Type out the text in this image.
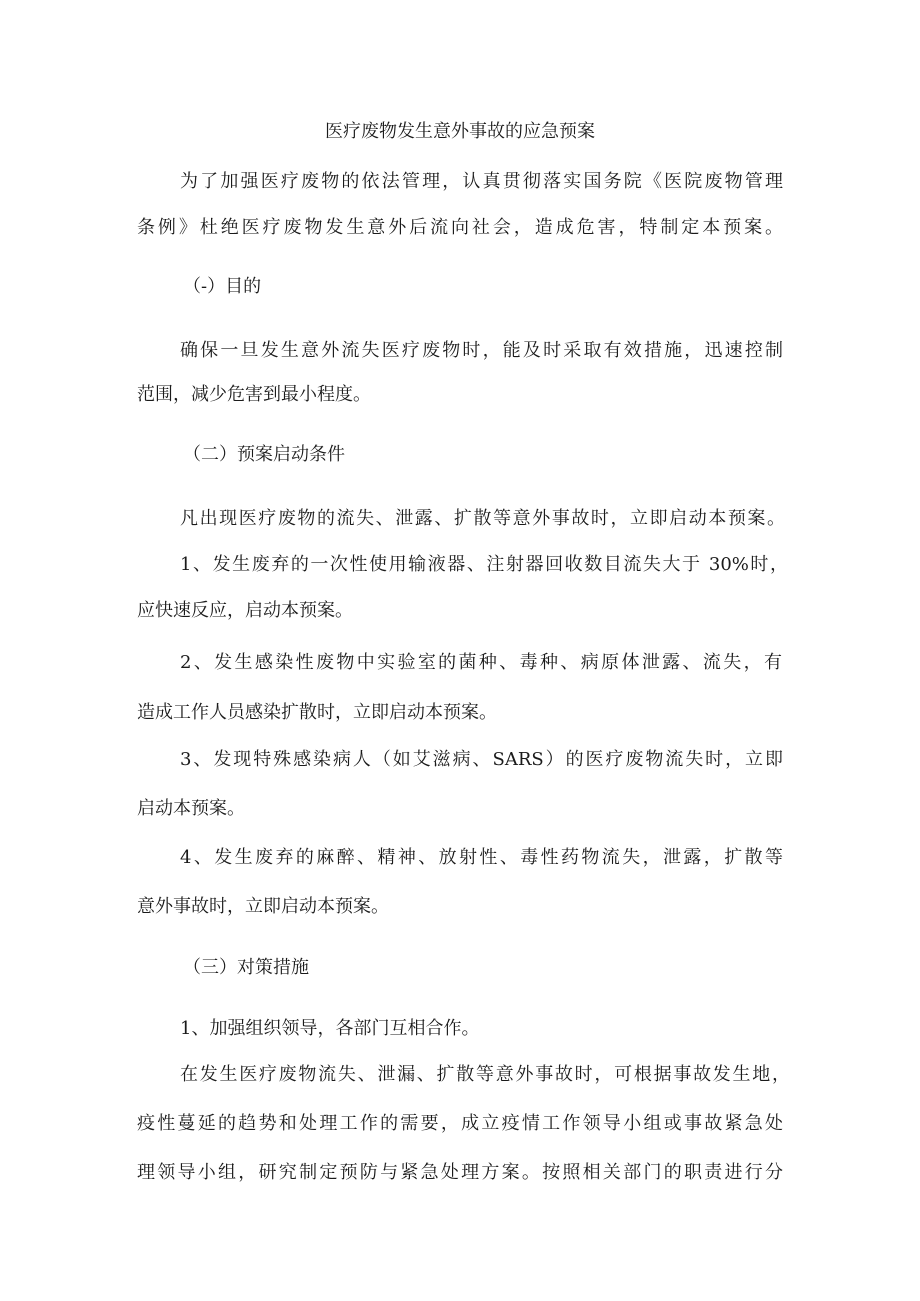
医疗废物发生意外事故的应急预案
为了加强医疗废物的依法管理，认真贯彻落实国务院《医院废物管理
条例》杜绝医疗废物发生意外后流向社会，造成危害，特制定本预案。
（-）目的
确保一旦发生意外流失医疗废物时，能及时采取有效措施，迅速控制
范围，减少危害到最小程度。
（二）预案启动条件
凡出现医疗废物的流失、泄露、扩散等意外事故时，立即启动本预案。
1、发生废弃的一次性使用输液器、注射器回收数目流失大于 30%时，
应快速反应，启动本预案。
2、发生感染性废物中实验室的菌种、毒种、病原体泄露、流失，有
造成工作人员感染扩散时，立即启动本预案。
3、发现特殊感染病人（如艾滋病、SARS）的医疗废物流失时，立即
启动本预案。
4、发生废弃的麻醉、精神、放射性、毒性药物流失，泄露，扩散等
意外事故时，立即启动本预案。
（三）对策措施
1、加强组织领导，各部门互相合作。
在发生医疗废物流失、泄漏、扩散等意外事故时，可根据事故发生地，
疫性蔓延的趋势和处理工作的需要，成立疫情工作领导小组或事故紧急处
理领导小组，研究制定预防与紧急处理方案。按照相关部门的职责进行分
